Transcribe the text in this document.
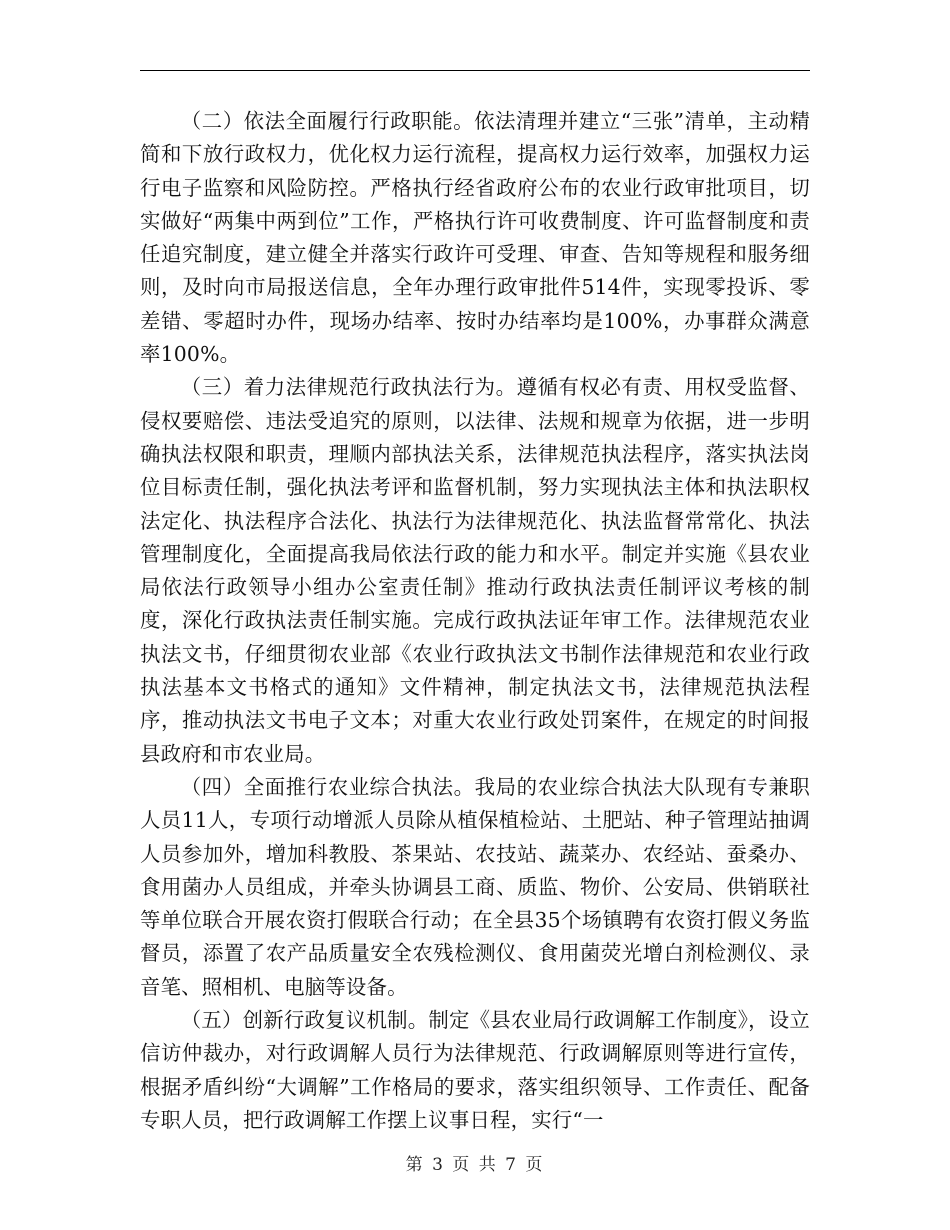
（二）依法全面履行行政职能。依法清理并建立“三张”清单，主动精简和下放行政权力，优化权力运行流程，提高权力运行效率，加强权力运行电子监察和风险防控。严格执行经省政府公布的农业行政审批项目，切实做好“两集中两到位”工作，严格执行许可收费制度、许可监督制度和责任追究制度，建立健全并落实行政许可受理、审查、告知等规程和服务细则，及时向市局报送信息，全年办理行政审批件514件，实现零投诉、零差错、零超时办件，现场办结率、按时办结率均是100%，办事群众满意率100%。

（三）着力法律规范行政执法行为。遵循有权必有责、用权受监督、侵权要赔偿、违法受追究的原则，以法律、法规和规章为依据，进一步明确执法权限和职责，理顺内部执法关系，法律规范执法程序，落实执法岗位目标责任制，强化执法考评和监督机制，努力实现执法主体和执法职权法定化、执法程序合法化、执法行为法律规范化、执法监督常常化、执法管理制度化，全面提高我局依法行政的能力和水平。制定并实施《县农业局依法行政领导小组办公室责任制》推动行政执法责任制评议考核的制度，深化行政执法责任制实施。完成行政执法证年审工作。法律规范农业执法文书，仔细贯彻农业部《农业行政执法文书制作法律规范和农业行政执法基本文书格式的通知》文件精神，制定执法文书，法律规范执法程序，推动执法文书电子文本；对重大农业行政处罚案件，在规定的时间报县政府和市农业局。

（四）全面推行农业综合执法。我局的农业综合执法大队现有专兼职人员11人，专项行动增派人员除从植保植检站、土肥站、种子管理站抽调人员参加外，增加科教股、茶果站、农技站、蔬菜办、农经站、蚕桑办、食用菌办人员组成，并牵头协调县工商、质监、物价、公安局、供销联社等单位联合开展农资打假联合行动；在全县35个场镇聘有农资打假义务监督员，添置了农产品质量安全农残检测仪、食用菌荧光增白剂检测仪、录音笔、照相机、电脑等设备。

（五）创新行政复议机制。制定《县农业局行政调解工作制度》，设立信访仲裁办，对行政调解人员行为法律规范、行政调解原则等进行宣传，根据矛盾纠纷“大调解”工作格局的要求，落实组织领导、工作责任、配备专职人员，把行政调解工作摆上议事日程，实行“一

第 3 页 共 7 页
